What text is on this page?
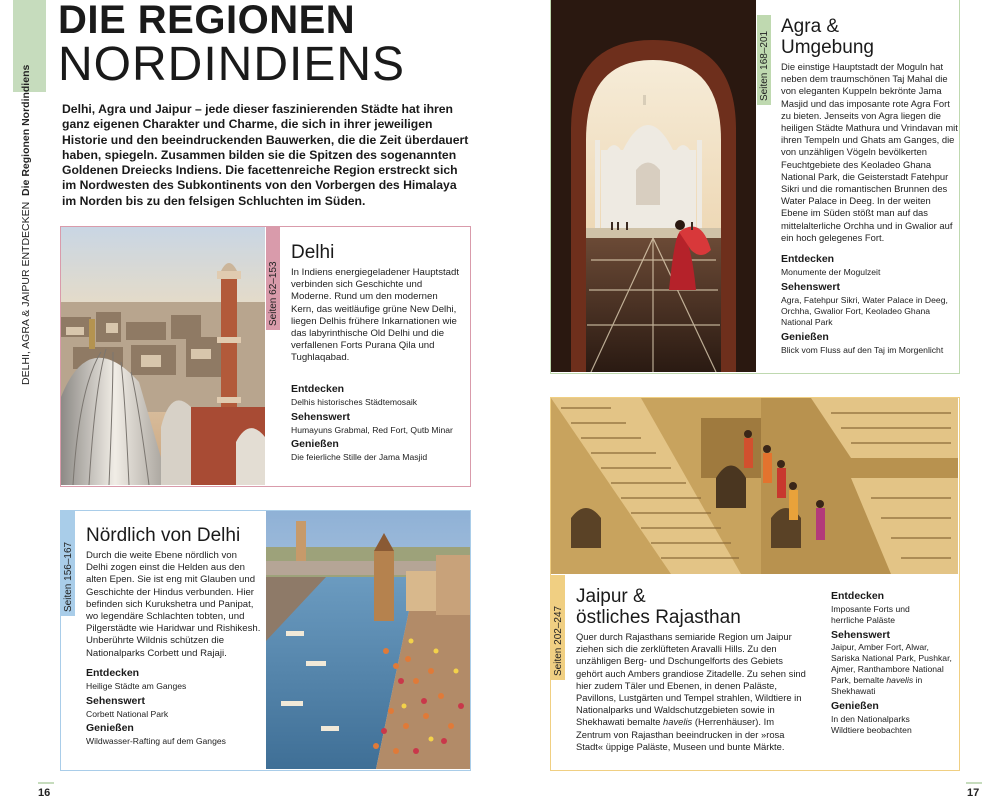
DELHI, AGRA & JAIPUR ENTDECKEN  Die Regionen Nordindiens
DIE REGIONEN
NORDINDIENS
Delhi, Agra und Jaipur – jede dieser faszinierenden Städte hat ihren ganz eigenen Charakter und Charme, die sich in ihrer jeweiligen Historie und den beeindruckenden Bauwerken, die die Zeit überdauert haben, spiegeln. Zusammen bilden sie die Spitzen des sogenannten Goldenen Dreiecks Indiens. Die facettenreiche Region erstreckt sich im Nordwesten des Subkontinents von den Vorbergen des Himalaya im Norden bis zu den felsigen Schluchten im Süden.
Seiten 62–153
Delhi
In Indiens energiegeladener Hauptstadt verbinden sich Geschichte und Moderne. Rund um den modernen Kern, das weitläufige grüne New Delhi, liegen Delhis frühere Inkarnationen wie das labyrinthische Old Delhi und die verfallenen Forts Purana Qila und Tughlaqabad.
Entdecken
Delhis historisches Städtemosaik
Sehenswert
Humayuns Grabmal, Red Fort, Qutb Minar
Genießen
Die feierliche Stille der Jama Masjid
Seiten 156–167
Nördlich von Delhi
Durch die weite Ebene nördlich von Delhi zogen einst die Helden aus den alten Epen. Sie ist eng mit Glauben und Geschichte der Hindus verbunden. Hier befinden sich Kurukshetra und Panipat, wo legendäre Schlachten tobten, und Pilgerstädte wie Haridwar und Rishikesh. Unberührte Wildnis schützen die Nationalparks Corbett und Rajaji.
Entdecken
Heilige Städte am Ganges
Sehenswert
Corbett National Park
Genießen
Wildwasser-Rafting auf dem Ganges
Seiten 168–201
Agra &
Umgebung
Die einstige Hauptstadt der Moguln hat neben dem traumschönen Taj Mahal die von eleganten Kuppeln bekrönte Jama Masjid und das imposante rote Agra Fort zu bieten. Jenseits von Agra liegen die heiligen Städte Mathura und Vrindavan mit ihren Tempeln und Ghats am Ganges, die von unzähligen Vögeln bevölkerten Feuchtgebiete des Keoladeo Ghana National Park, die Geisterstadt Fatehpur Sikri und die romantischen Brunnen des Water Palace in Deeg. In der weiten Ebene im Süden stößt man auf das mittelalterliche Orchha und in Gwalior auf ein hoch gelegenes Fort.
Entdecken
Monumente der Mogulzeit
Sehenswert
Agra, Fatehpur Sikri, Water Palace in Deeg, Orchha, Gwalior Fort, Keoladeo Ghana National Park
Genießen
Blick vom Fluss auf den Taj im Morgenlicht
Seiten 202–247
Jaipur &
östliches Rajasthan
Quer durch Rajasthans semiaride Region um Jaipur ziehen sich die zerklüfteten Aravalli Hills. Zu den unzähligen Berg- und Dschungelforts des Gebiets gehört auch Ambers grandiose Zitadelle. Zu sehen sind hier zudem Täler und Ebenen, in denen Paläste, Pavillons, Lustgärten und Tempel strahlen, Wildtiere in Nationalparks und Waldschutzgebieten sowie in Shekhawati bemalte havelis (Herrenhäuser). Im Zentrum von Rajasthan beeindrucken in der »rosa Stadt« üppige Paläste, Museen und bunte Märkte.
Entdecken
Imposante Forts und herrliche Paläste
Sehenswert
Jaipur, Amber Fort, Alwar, Sariska National Park, Pushkar, Ajmer, Ranthambore National Park, bemalte havelis in Shekhawati
Genießen
In den Nationalparks Wildtiere beobachten
16	17
